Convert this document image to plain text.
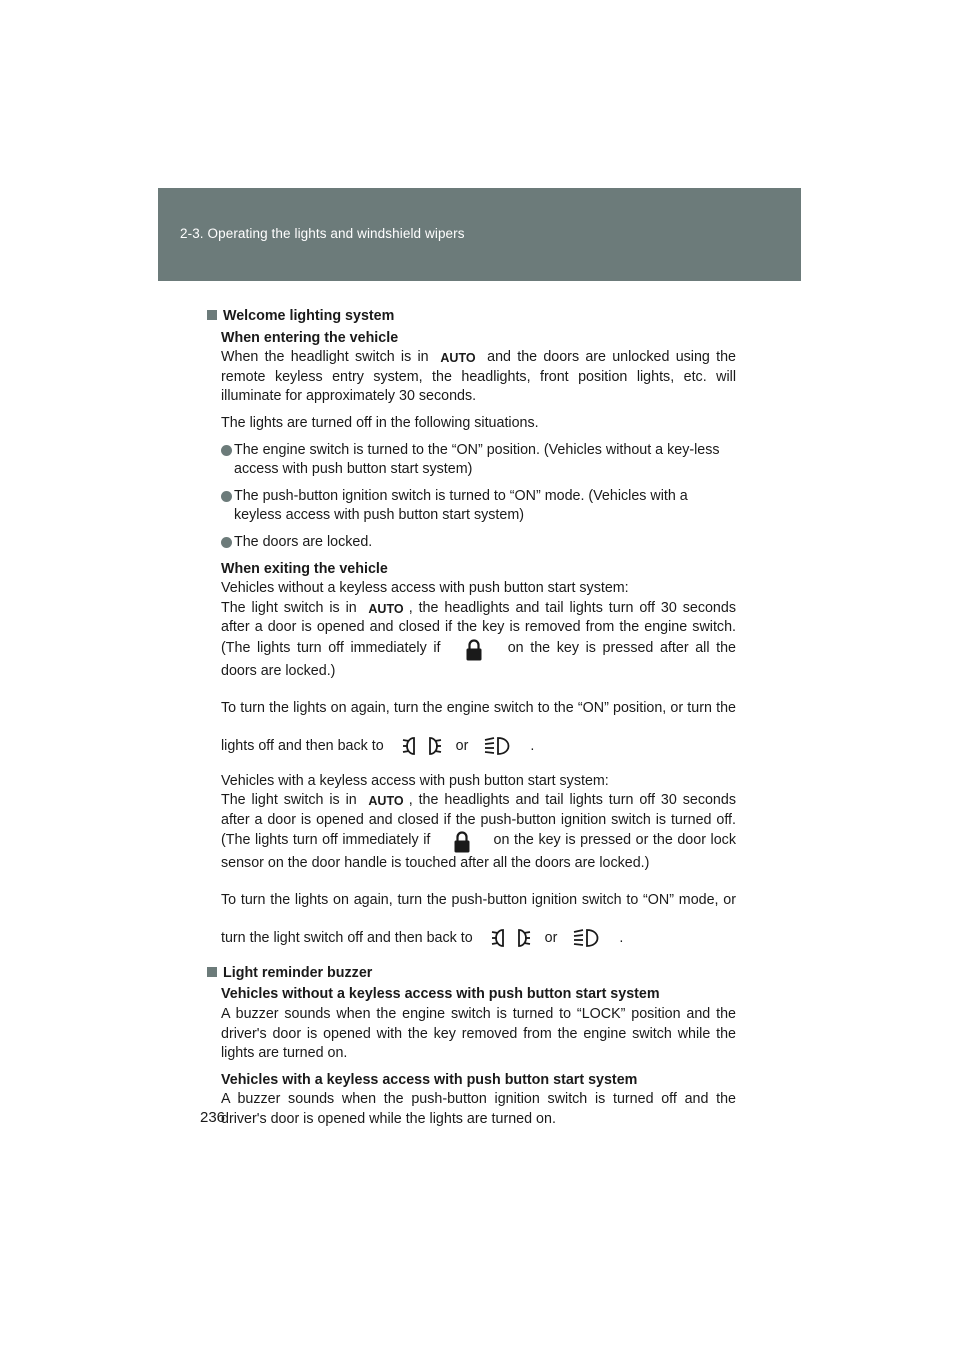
2-3. Operating the lights and windshield wipers
Welcome lighting system
When entering the vehicle

When the headlight switch is in AUTO and the doors are unlocked using the remote keyless entry system, the headlights, front position lights, etc. will illuminate for approximately 30 seconds.

The lights are turned off in the following situations.

The engine switch is turned to the “ON” position. (Vehicles without a key-less access with push button start system)
The push-button ignition switch is turned to “ON” mode. (Vehicles with a keyless access with push button start system)
The doors are locked.
When exiting the vehicle
Vehicles without a keyless access with push button start system:

The light switch is in AUTO , the headlights and tail lights turn off 30 seconds after a door is opened and closed if the key is removed from the engine switch. (The lights turn off immediately if	on the key is pressed after all the doors are locked.)

To turn the lights on again, turn the engine switch to the “ON” position, or turn the lights off and then back to	or	.

Vehicles with a keyless access with push button start system:

The light switch is in AUTO , the headlights and tail lights turn off 30 seconds after a door is opened and closed if the push-button ignition switch is turned off. (The lights turn off immediately if	on the key is pressed or the door lock sensor on the door handle is touched after all the doors are locked.)

To turn the lights on again, turn the push-button ignition switch to “ON” mode, or turn the light switch off and then back to	or	.

Light reminder buzzer
Vehicles without a keyless access with push button start system

A buzzer sounds when the engine switch is turned to “LOCK” position and the driver's door is opened with the key removed from the engine switch while the lights are turned on.

Vehicles with a keyless access with push button start system

A buzzer sounds when the push-button ignition switch is turned off and the driver's door is opened while the lights are turned on.

236
